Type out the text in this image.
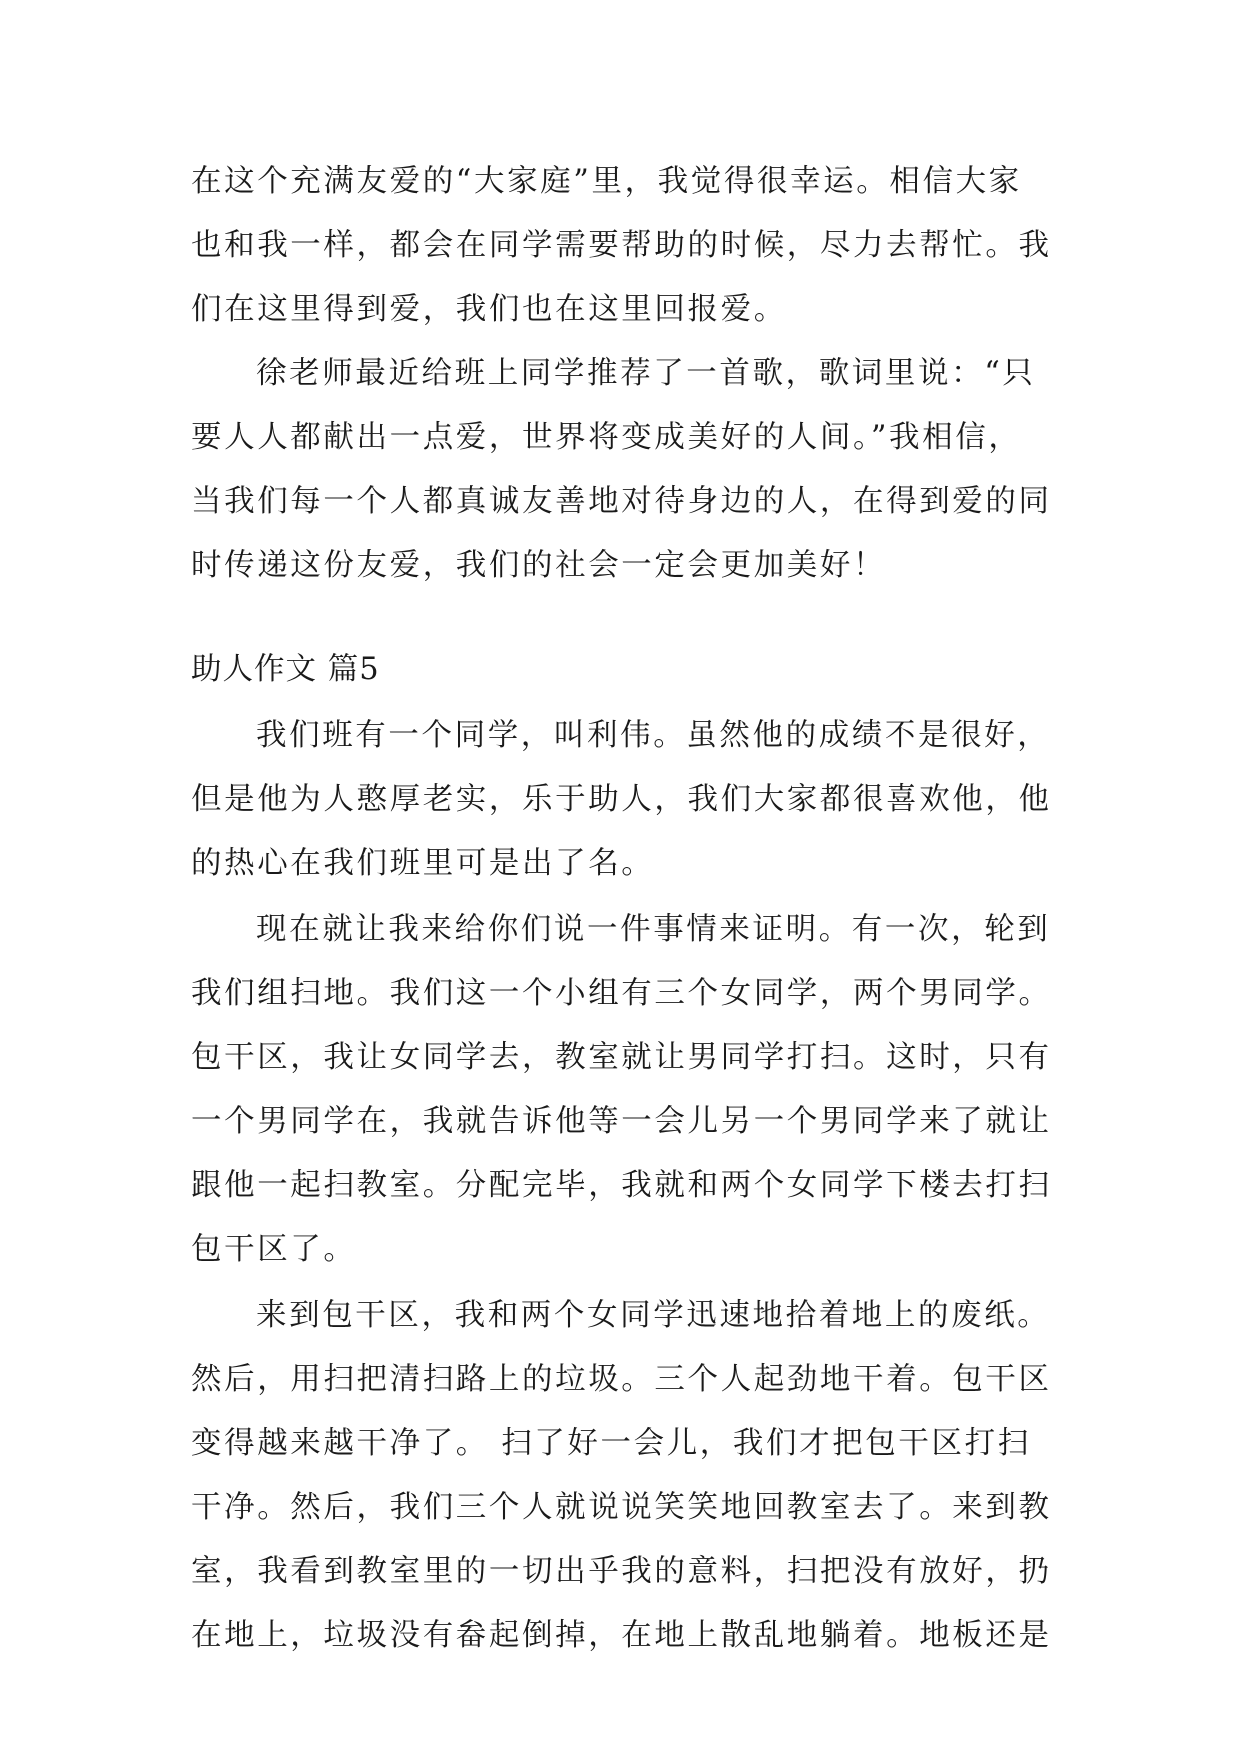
在这个充满友爱的“大家庭”里，我觉得很幸运。相信大家
也和我一样，都会在同学需要帮助的时候，尽力去帮忙。我
们在这里得到爱，我们也在这里回报爱。
徐老师最近给班上同学推荐了一首歌，歌词里说：“只
要人人都献出一点爱，世界将变成美好的人间。”我相信，
当我们每一个人都真诚友善地对待身边的人，在得到爱的同
时传递这份友爱，我们的社会一定会更加美好！
助人作文 篇5
我们班有一个同学，叫利伟。虽然他的成绩不是很好，
但是他为人憨厚老实，乐于助人，我们大家都很喜欢他，他
的热心在我们班里可是出了名。
现在就让我来给你们说一件事情来证明。有一次，轮到
我们组扫地。我们这一个小组有三个女同学，两个男同学。
包干区，我让女同学去，教室就让男同学打扫。这时，只有
一个男同学在，我就告诉他等一会儿另一个男同学来了就让
跟他一起扫教室。分配完毕，我就和两个女同学下楼去打扫
包干区了。
来到包干区，我和两个女同学迅速地拾着地上的废纸。
然后，用扫把清扫路上的垃圾。三个人起劲地干着。包干区
变得越来越干净了。 扫了好一会儿，我们才把包干区打扫
干净。然后，我们三个人就说说笑笑地回教室去了。来到教
室，我看到教室里的一切出乎我的意料，扫把没有放好，扔
在地上，垃圾没有畚起倒掉，在地上散乱地躺着。地板还是
